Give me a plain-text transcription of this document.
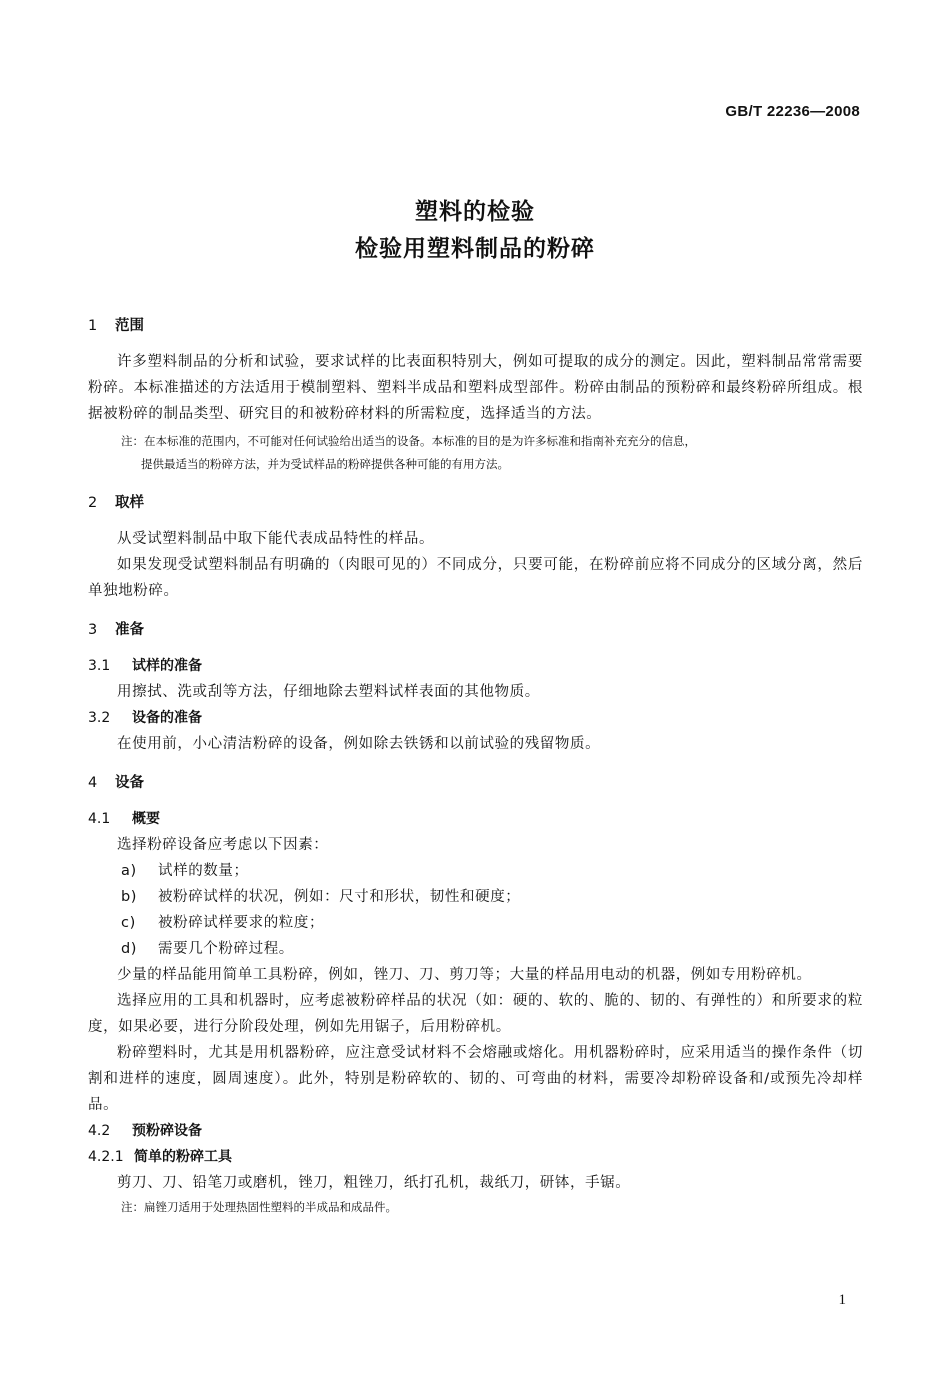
GB/T 22236—2008
塑料的检验
检验用塑料制品的粉碎
1 范围

许多塑料制品的分析和试验，要求试样的比表面积特别大，例如可提取的成分的测定。因此，塑料制品常常需要粉碎。本标准描述的方法适用于模制塑料、塑料半成品和塑料成型部件。粉碎由制品的预粉碎和最终粉碎所组成。根据被粉碎的制品类型、研究目的和被粉碎材料的所需粒度，选择适当的方法。

注：在本标准的范围内，不可能对任何试验给出适当的设备。本标准的目的是为许多标准和指南补充充分的信息，
提供最适当的粉碎方法，并为受试样品的粉碎提供各种可能的有用方法。

2 取样

从受试塑料制品中取下能代表成品特性的样品。

如果发现受试塑料制品有明确的（肉眼可见的）不同成分，只要可能，在粉碎前应将不同成分的区域分离，然后单独地粉碎。

3 准备
3.1 试样的准备

用擦拭、洗或刮等方法，仔细地除去塑料试样表面的其他物质。

3.2 设备的准备

在使用前，小心清洁粉碎的设备，例如除去铁锈和以前试验的残留物质。

4 设备
4.1 概要

选择粉碎设备应考虑以下因素：

a) 试样的数量；
b) 被粉碎试样的状况，例如：尺寸和形状，韧性和硬度；
c) 被粉碎试样要求的粒度；
d) 需要几个粉碎过程。

少量的样品能用简单工具粉碎，例如，锉刀、刀、剪刀等；大量的样品用电动的机器，例如专用粉碎机。

选择应用的工具和机器时，应考虑被粉碎样品的状况（如：硬的、软的、脆的、韧的、有弹性的）和所要求的粒度，如果必要，进行分阶段处理，例如先用锯子，后用粉碎机。

粉碎塑料时，尤其是用机器粉碎，应注意受试材料不会熔融或熔化。用机器粉碎时，应采用适当的操作条件（切割和进样的速度，圆周速度）。此外，特别是粉碎软的、韧的、可弯曲的材料，需要冷却粉碎设备和/或预先冷却样品。

4.2 预粉碎设备
4.2.1 简单的粉碎工具

剪刀、刀、铅笔刀或磨机，锉刀，粗锉刀，纸打孔机，裁纸刀，研钵，手锯。

注：扁锉刀适用于处理热固性塑料的半成品和成品件。

1
